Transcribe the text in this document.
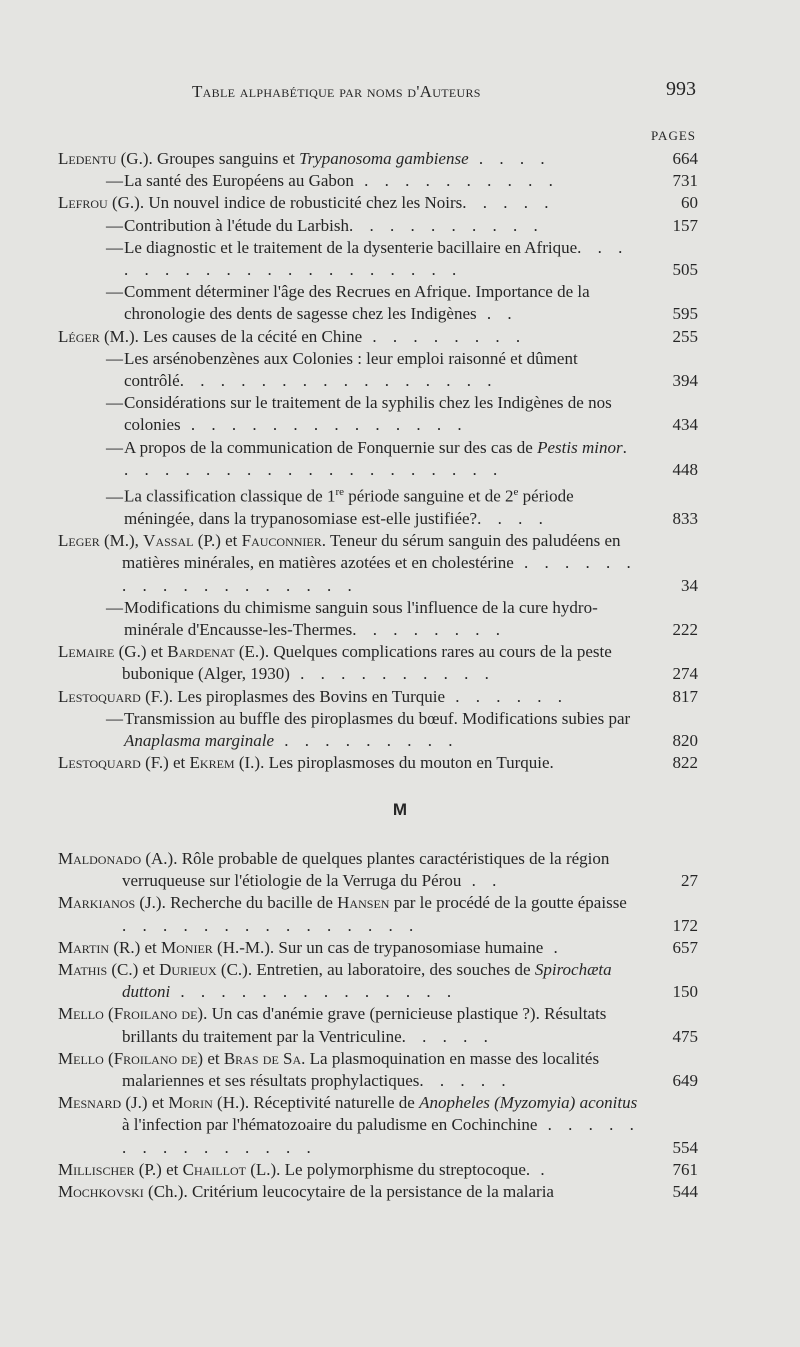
Table alphabétique par noms d'Auteurs	993
PAGES
Ledentu (G.). Groupes sanguins et Trypanosoma gambiense . . . .	664
—La santé des Européens au Gabon . . . . . . . . . .	731
Lefrou (G.). Un nouvel indice de robusticité chez les Noirs. . . . .	60
—Contribution à l'étude du Larbish. . . . . . . . . .	157
—Le diagnostic et le traitement de la dysenterie bacillaire en Afrique. . . . . . . . . . . . . . . . . . . .	505
—Comment déterminer l'âge des Recrues en Afrique. Importance de la chronologie des dents de sagesse chez les Indigènes . .	595
Léger (M.). Les causes de la cécité en Chine . . . . . . . .	255
—Les arsénobenzènes aux Colonies : leur emploi raisonné et dûment contrôlé. . . . . . . . . . . . . . . .	394
—Considérations sur le traitement de la syphilis chez les Indigènes de nos colonies . . . . . . . . . . . . . .	434
—A propos de la communication de Fonquernie sur des cas de Pestis minor. . . . . . . . . . . . . . . . . . . .	448
—La classification classique de 1re période sanguine et de 2e période méningée, dans la trypanosomiase est-elle justifiée?. . . .	833
Leger (M.), Vassal (P.) et Fauconnier. Teneur du sérum sanguin des paludéens en matières minérales, en matières azotées et en cholestérine . . . . . . . . . . . . . . . . . .	34
—Modifications du chimisme sanguin sous l'influence de la cure hydro-minérale d'Encausse-les-Thermes. . . . . . . .	222
Lemaire (G.) et Bardenat (E.). Quelques complications rares au cours de la peste bubonique (Alger, 1930) . . . . . . . . . .	274
Lestoquard (F.). Les piroplasmes des Bovins en Turquie . . . . . .	817
—Transmission au buffle des piroplasmes du bœuf. Modifications subies par Anaplasma marginale . . . . . . . . .	820
Lestoquard (F.) et Ekrem (I.). Les piroplasmoses du mouton en Turquie.	822
M
Maldonado (A.). Rôle probable de quelques plantes caractéristiques de la région verruqueuse sur l'étiologie de la Verruga du Pérou . .	27
Markianos (J.). Recherche du bacille de Hansen par le procédé de la goutte épaisse . . . . . . . . . . . . . . .	172
Martin (R.) et Monier (H.-M.). Sur un cas de trypanosomiase humaine .	657
Mathis (C.) et Durieux (C.). Entretien, au laboratoire, des souches de Spirochæta duttoni . . . . . . . . . . . . . .	150
Mello (Froilano de). Un cas d'anémie grave (pernicieuse plastique ?). Résultats brillants du traitement par la Ventriculine. . . . .	475
Mello (Froilano de) et Bras de Sa. La plasmoquination en masse des localités malariennes et ses résultats prophylactiques. . . . .	649
Mesnard (J.) et Morin (H.). Réceptivité naturelle de Anopheles (Myzomyia) aconitus à l'infection par l'hématozoaire du paludisme en Cochinchine . . . . . . . . . . . . . . .	554
Millischer (P.) et Chaillot (L.). Le polymorphisme du streptocoque. .	761
Mochkovski (Ch.). Critérium leucocytaire de la persistance de la malaria	544
